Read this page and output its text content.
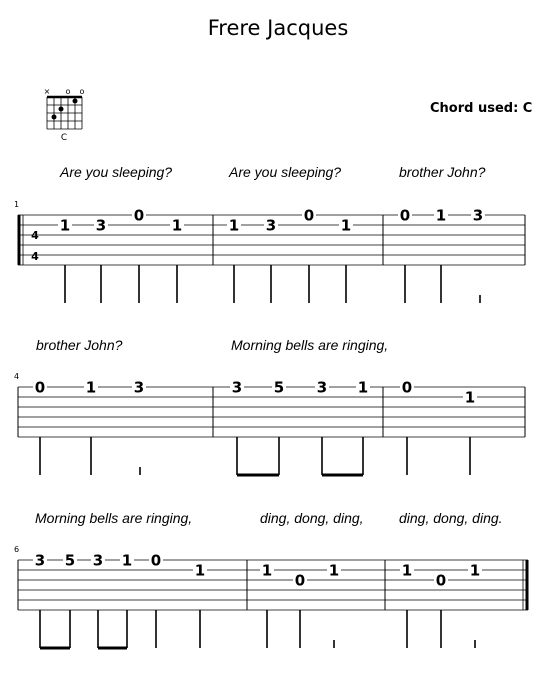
Frere Jacques
Chord used: C
Are you sleeping?	Are you sleeping?	brother John?
brother John?	Morning bells are ringing,
Morning bells are ringing,	ding, dong, ding,	ding, dong, ding.
× o o
C
1
4
4
1 3
0
1	1 3
0
1
0 1 3
4
0	1	3	3 5 3 1 0
1
6
3 5 3 1 0
1	1
0
1	1
0
1
